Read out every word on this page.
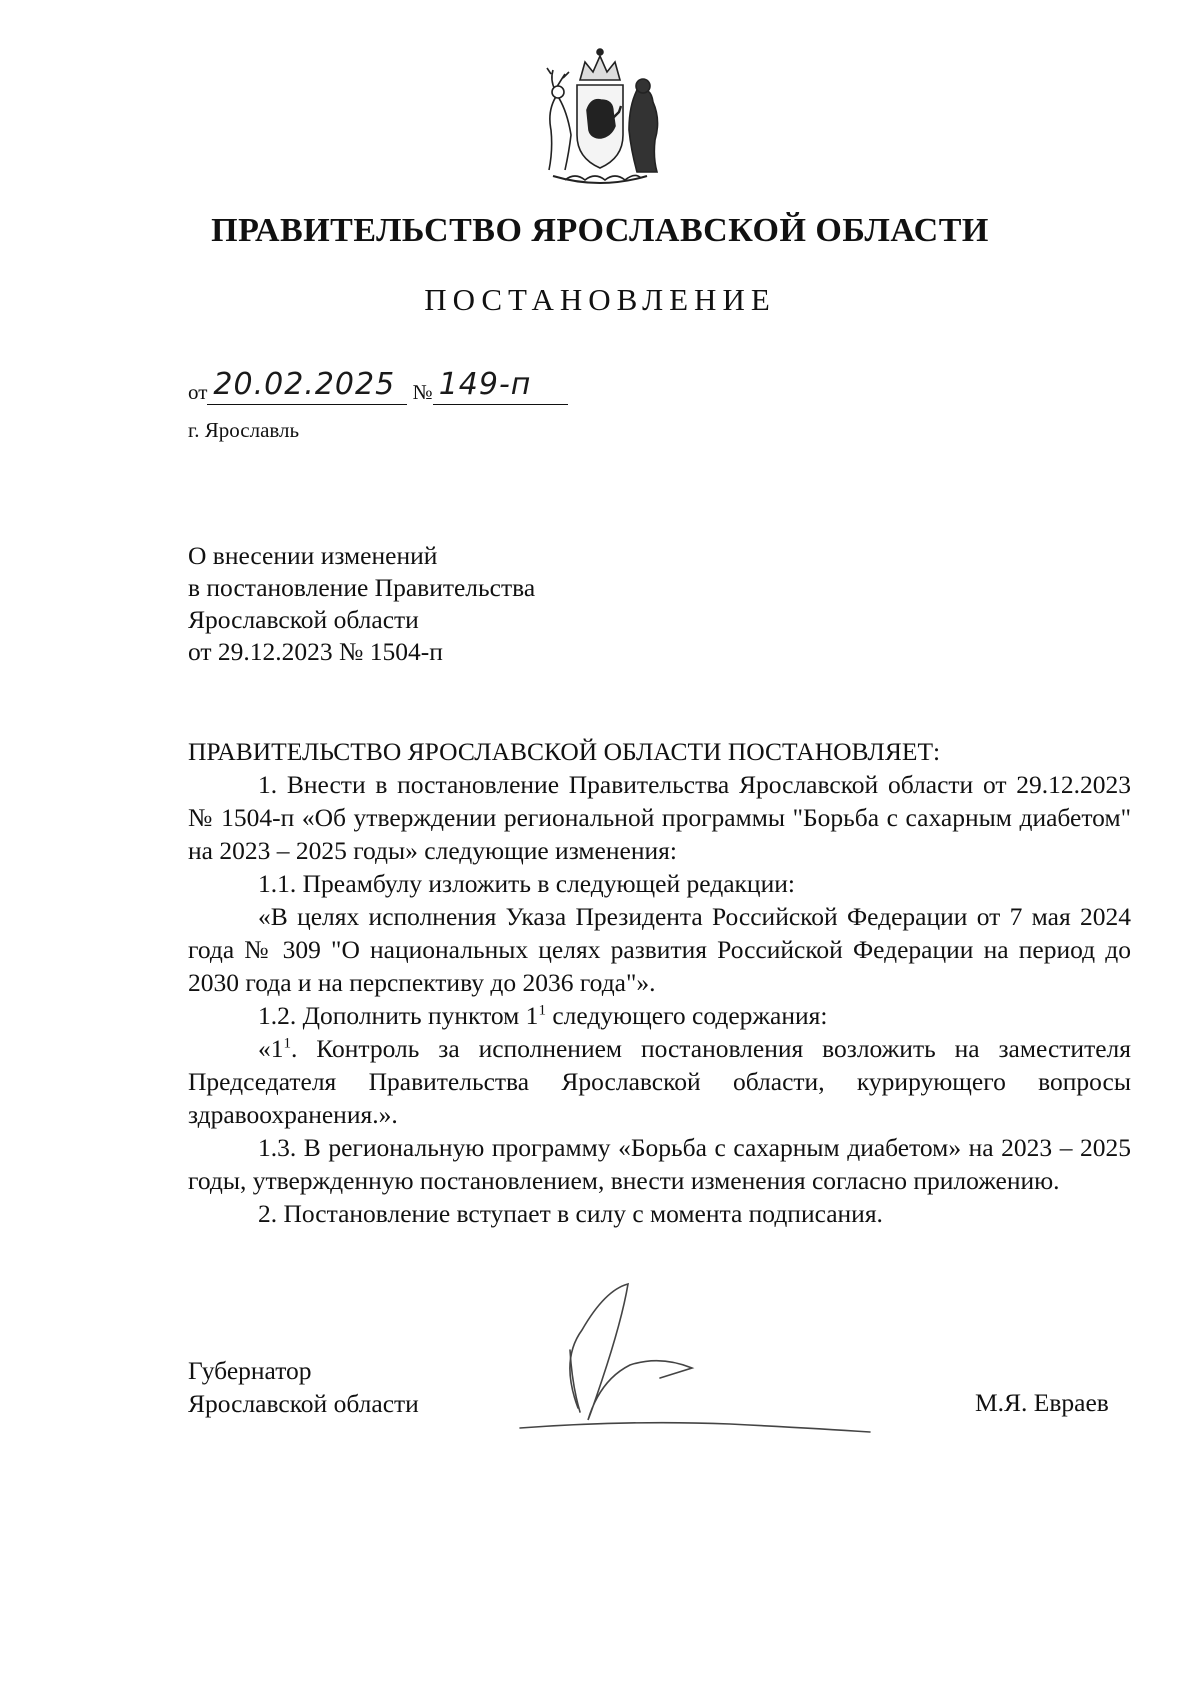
ПРАВИТЕЛЬСТВО ЯРОСЛАВСКОЙ ОБЛАСТИ
ПОСТАНОВЛЕНИЕ
от 20.02.2025 № 149-п
г. Ярославль
О внесении изменений
в постановление Правительства
Ярославской области
от 29.12.2023 № 1504-п

ПРАВИТЕЛЬСТВО ЯРОСЛАВСКОЙ ОБЛАСТИ ПОСТАНОВЛЯЕТ:

1. Внести в постановление Правительства Ярославской области от 29.12.2023 № 1504-п «Об утверждении региональной программы "Борьба с сахарным диабетом" на 2023 – 2025 годы» следующие изменения:

1.1. Преамбулу изложить в следующей редакции:

«В целях исполнения Указа Президента Российской Федерации от 7 мая 2024 года № 309 "О национальных целях развития Российской Федерации на период до 2030 года и на перспективу до 2036 года"».

1.2. Дополнить пунктом $1^1$ следующего содержания:

«$1^1$. Контроль за исполнением постановления возложить на заместителя Председателя Правительства Ярославской области, курирующего вопросы здравоохранения.».

1.3. В региональную программу «Борьба с сахарным диабетом» на 2023 – 2025 годы, утвержденную постановлением, внести изменения согласно приложению.

2. Постановление вступает в силу с момента подписания.

Губернатор
Ярославской области	М.Я. Евраев
